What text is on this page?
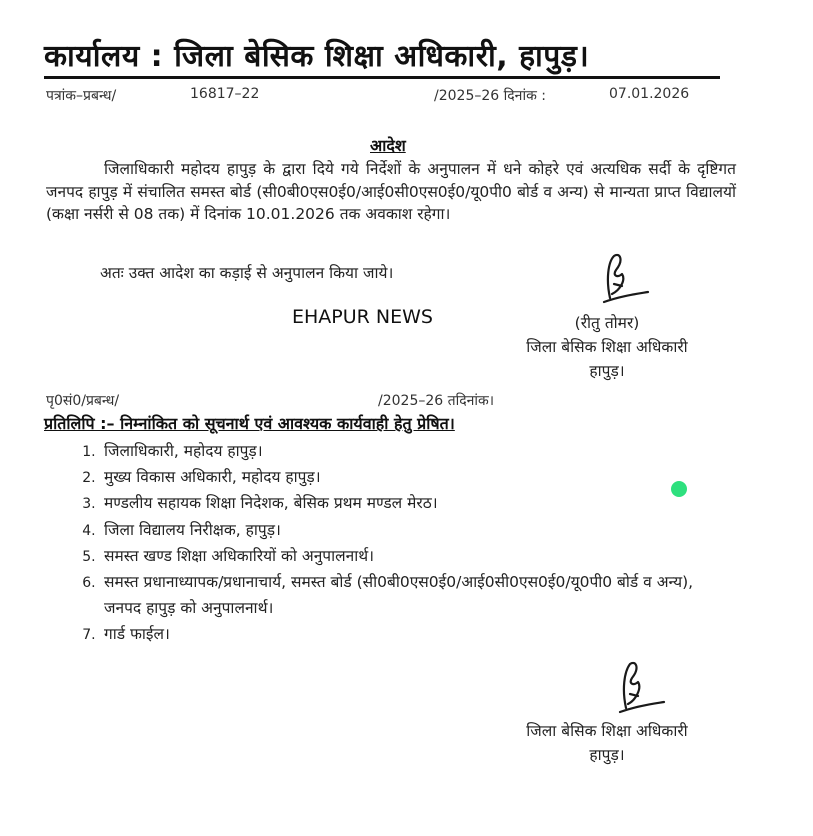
कार्यालय : जिला बेसिक शिक्षा अधिकारी, हापुड़।
पत्रांक–प्रबन्ध/	16817–22	/2025–26 दिनांक :	07.01.2026
आदेश

जिलाधिकारी महोदय हापुड़ के द्वारा दिये गये निर्देशों के अनुपालन में धने कोहरे एवं अत्यधिक सर्दी के दृष्टिगत जनपद हापुड़ में संचालित समस्त बोर्ड (सी0बी0एस0ई0/आई0सी0एस0ई0/यू0पी0 बोर्ड व अन्य) से मान्यता प्राप्त विद्यालयों (कक्षा नर्सरी से 08 तक) में दिनांक 10.01.2026 तक अवकाश रहेगा।

अतः उक्त आदेश का कड़ाई से अनुपालन किया जाये।
EHAPUR NEWS	(रीतु तोमर)
जिला बेसिक शिक्षा अधिकारी
हापुड़।
पृ0सं0/प्रबन्ध/	/2025–26 तदिनांक।
प्रतिलिपि :– निम्नांकित को सूचनार्थ एवं आवश्यक कार्यवाही हेतु प्रेषित।
1. जिलाधिकारी, महोदय हापुड़।
2. मुख्य विकास अधिकारी, महोदय हापुड़।
3. मण्डलीय सहायक शिक्षा निदेशक, बेसिक प्रथम मण्डल मेरठ।
4. जिला विद्यालय निरीक्षक, हापुड़।
5. समस्त खण्ड शिक्षा अधिकारियों को अनुपालनार्थ।
6. समस्त प्रधानाध्यापक/प्रधानाचार्य, समस्त बोर्ड (सी0बी0एस0ई0/आई0सी0एस0ई0/यू0पी0 बोर्ड व अन्य), जनपद हापुड़ को अनुपालनार्थ।
7. गार्ड फाईल।
जिला बेसिक शिक्षा अधिकारी
हापुड़।
